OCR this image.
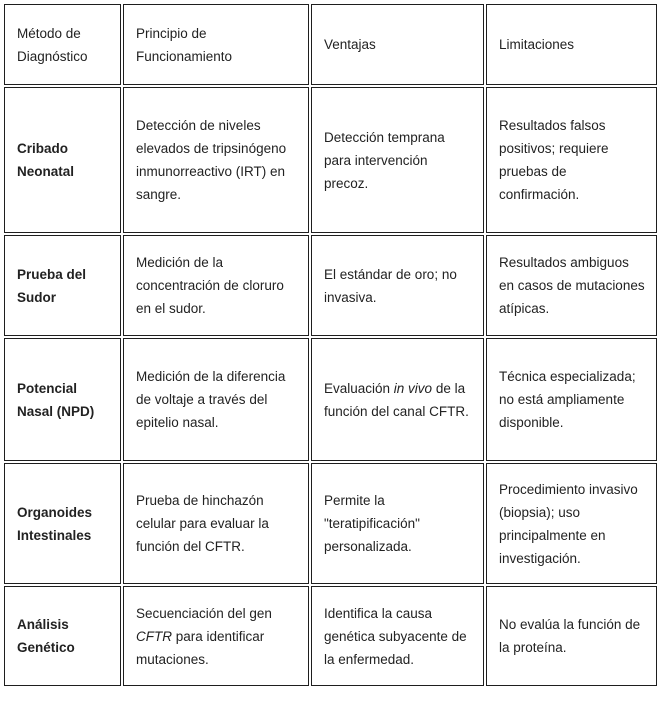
Método de Diagnóstico	Principio de Funcionamiento	Ventajas	Limitaciones
Cribado Neonatal	Detección de niveles elevados de tripsinógeno inmunorreactivo (IRT) en sangre.	Detección temprana para intervención precoz.	Resultados falsos positivos; requiere pruebas de confirmación.
Prueba del Sudor	Medición de la concentración de cloruro en el sudor.	El estándar de oro; no invasiva.	Resultados ambiguos en casos de mutaciones atípicas.
Potencial Nasal (NPD)	Medición de la diferencia de voltaje a través del epitelio nasal.	Evaluación in vivo de la función del canal CFTR.	Técnica especializada; no está ampliamente disponible.
Organoides Intestinales	Prueba de hinchazón celular para evaluar la función del CFTR.	Permite la "teratipificación" personalizada.	Procedimiento invasivo (biopsia); uso principalmente en investigación.
Análisis Genético	Secuenciación del gen CFTR para identificar mutaciones.	Identifica la causa genética subyacente de la enfermedad.	No evalúa la función de la proteína.
